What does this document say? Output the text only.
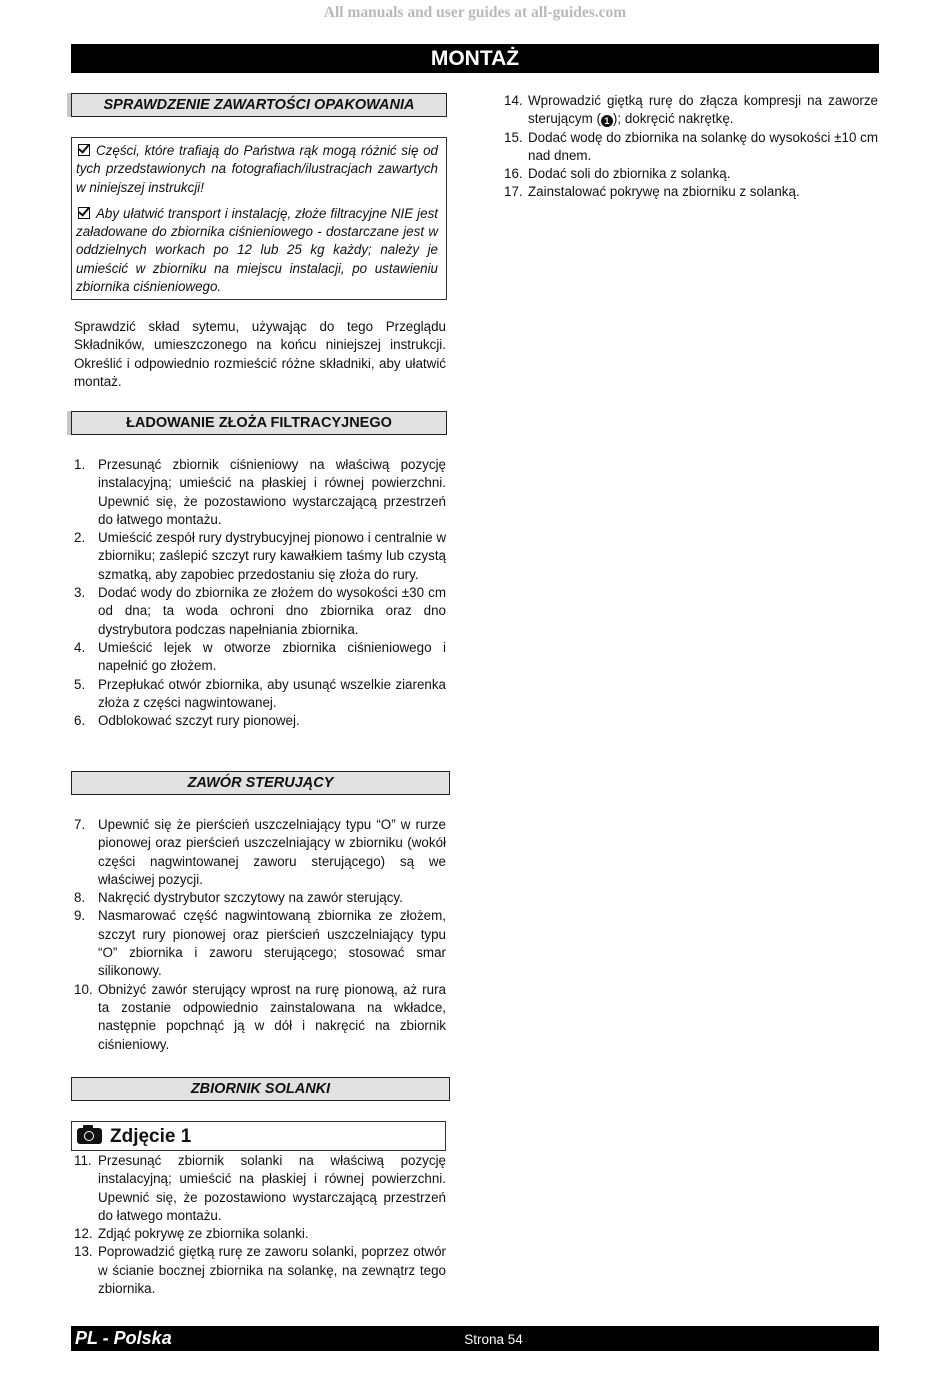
All manuals and user guides at all-guides.com
MONTAŻ
SPRAWDZENIE ZAWARTOŚCI OPAKOWANIA

Części, które trafiają do Państwa rąk mogą różnić się od tych przedstawionych na fotografiach/ilustracjach zawartych w niniejszej instrukcji!

Aby ułatwić transport i instalację, złoże filtracyjne NIE jest załadowane do zbiornika ciśnieniowego - dostarczane jest w oddzielnych workach po 12 lub 25 kg każdy; należy je umieścić w zbiorniku na miejscu instalacji, po ustawieniu zbiornika ciśnieniowego.

Sprawdzić skład sytemu, używając do tego Przeglądu Składników, umieszczonego na końcu niniejszej instrukcji. Określić i odpowiednio rozmieścić różne składniki, aby ułatwić montaż.

ŁADOWANIE ZŁOŻA FILTRACYJNEGO
1. Przesunąć zbiornik ciśnieniowy na właściwą pozycję instalacyjną; umieścić na płaskiej i równej powierzchni. Upewnić się, że pozostawiono wystarczającą przestrzeń do łatwego montażu.
2. Umieścić zespół rury dystrybucyjnej pionowo i centralnie w zbiorniku; zaślepić szczyt rury kawałkiem taśmy lub czystą szmatką, aby zapobiec przedostaniu się złoża do rury.
3. Dodać wody do zbiornika ze złożem do wysokości ±30 cm od dna; ta woda ochroni dno zbiornika oraz dno dystrybutora podczas napełniania zbiornika.
4. Umieścić lejek w otworze zbiornika ciśnieniowego i napełnić go złożem.
5. Przepłukać otwór zbiornika, aby usunąć wszelkie ziarenka złoża z części nagwintowanej.
6. Odblokować szczyt rury pionowej.
ZAWÓR STERUJĄCY
7. Upewnić się że pierścień uszczelniający typu “O” w rurze pionowej oraz pierścień uszczelniający w zbiorniku (wokół części nagwintowanej zaworu sterującego) są we właściwej pozycji.
8. Nakręcić dystrybutor szczytowy na zawór sterujący.
9. Nasmarować część nagwintowaną zbiornika ze złożem, szczyt rury pionowej oraz pierścień uszczelniający typu “O” zbiornika i zaworu sterującego; stosować smar silikonowy.
10. Obniżyć zawór sterujący wprost na rurę pionową, aż rura ta zostanie odpowiednio zainstalowana na wkładce, następnie popchnąć ją w dół i nakręcić na zbiornik ciśnieniowy.
ZBIORNIK SOLANKI
Zdjęcie 1
11. Przesunąć zbiornik solanki na właściwą pozycję instalacyjną; umieścić na płaskiej i równej powierzchni. Upewnić się, że pozostawiono wystarczającą przestrzeń do łatwego montażu.
12. Zdjąć pokrywę ze zbiornika solanki.
13. Poprowadzić giętką rurę ze zaworu solanki, poprzez otwór w ścianie bocznej zbiornika na solankę, na zewnątrz tego zbiornika.
14. Wprowadzić giętką rurę do złącza kompresji na zaworze sterującym ( 1 ); dokręcić nakrętkę.
15. Dodać wodę do zbiornika na solankę do wysokości ±10 cm nad dnem.
16. Dodać soli do zbiornika z solanką.
17. Zainstalować pokrywę na zbiorniku z solanką.
PL - Polska	Strona 54
